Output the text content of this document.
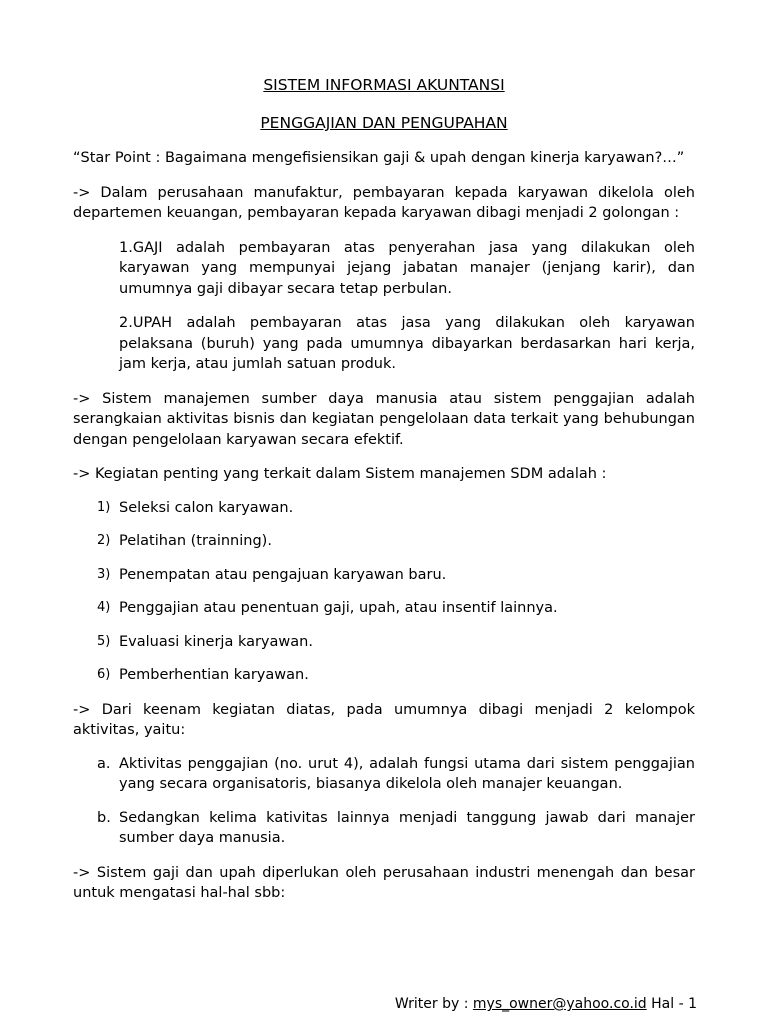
SISTEM INFORMASI AKUNTANSI

PENGGAJIAN DAN PENGUPAHAN

“Star Point : Bagaimana mengefisiensikan gaji & upah dengan kinerja karyawan?…”

-> Dalam perusahaan manufaktur, pembayaran kepada karyawan dikelola oleh departemen keuangan, pembayaran kepada karyawan dibagi menjadi 2 golongan :

1.GAJI adalah pembayaran atas penyerahan jasa yang dilakukan oleh karyawan yang mempunyai jejang jabatan manajer (jenjang karir), dan umumnya gaji dibayar secara tetap perbulan.

2.UPAH adalah pembayaran atas jasa yang dilakukan oleh karyawan pelaksana (buruh) yang pada umumnya dibayarkan berdasarkan hari kerja, jam kerja, atau jumlah satuan produk.

-> Sistem manajemen sumber daya manusia atau sistem penggajian adalah serangkaian aktivitas bisnis dan kegiatan pengelolaan data terkait yang behubungan dengan pengelolaan karyawan secara efektif.

-> Kegiatan penting yang terkait dalam Sistem manajemen SDM adalah :

1) Seleksi calon karyawan.
2) Pelatihan (trainning).
3) Penempatan atau pengajuan karyawan baru.
4) Penggajian atau penentuan gaji, upah, atau insentif lainnya.
5) Evaluasi kinerja karyawan.
6) Pemberhentian karyawan.

-> Dari keenam kegiatan diatas, pada umumnya dibagi menjadi 2 kelompok aktivitas, yaitu:

a. Aktivitas penggajian (no. urut 4), adalah fungsi utama dari sistem penggajian yang secara organisatoris, biasanya dikelola oleh manajer keuangan.
b. Sedangkan kelima kativitas lainnya menjadi tanggung jawab dari manajer sumber daya manusia.

-> Sistem gaji dan upah diperlukan oleh perusahaan industri menengah dan besar untuk mengatasi hal-hal sbb:

Writer by : mys_owner@yahoo.co.id Hal - 1
